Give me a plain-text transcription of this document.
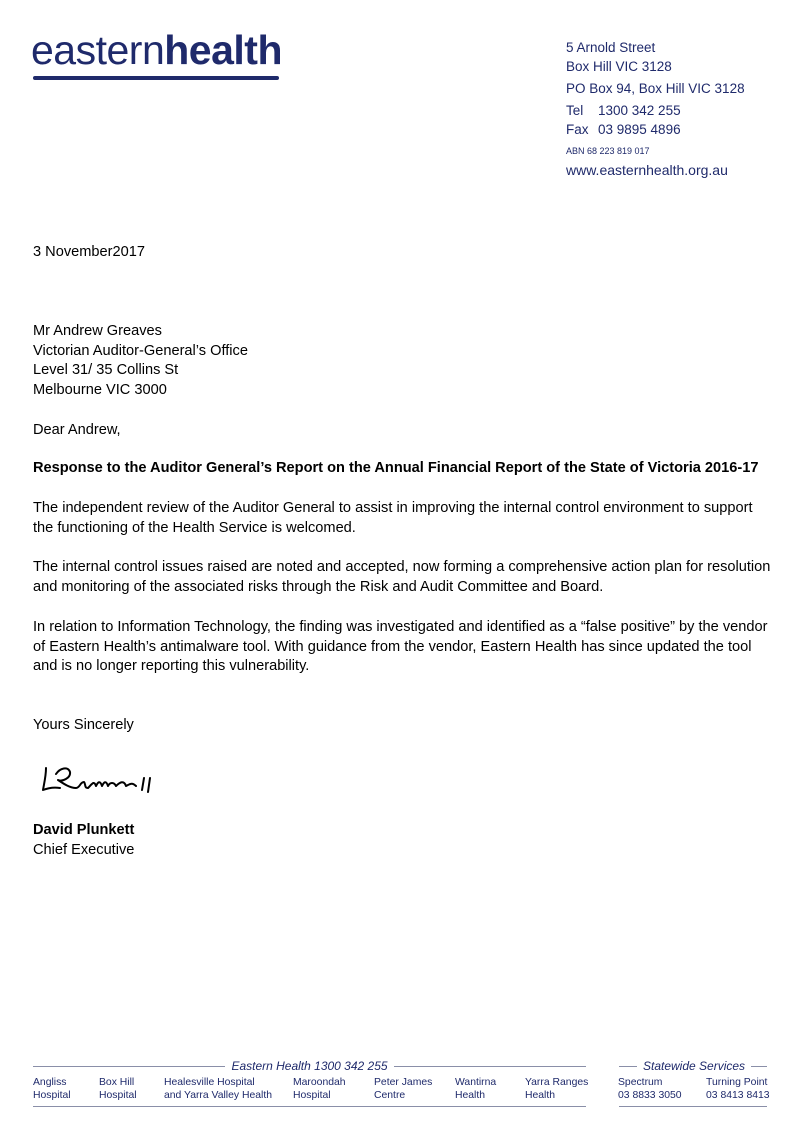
easternhealth	5 Arnold Street
Box Hill VIC 3128
PO Box 94, Box Hill VIC 3128
Tel 1300 342 255
Fax 03 9895 4896
ABN 68 223 819 017
www.easternhealth.org.au
3 November2017

Mr Andrew Greaves

Victorian Auditor-General’s Office

Level 31/ 35 Collins St

Melbourne VIC 3000

Dear Andrew,
Response to the Auditor General’s Report on the Annual Financial Report of the State of Victoria 2016-17
The independent review of the Auditor General to assist in improving the internal control environment to support the functioning of the Health Service is welcomed.
The internal control issues raised are noted and accepted, now forming a comprehensive action plan for resolution and monitoring of the associated risks through the Risk and Audit Committee and Board.
In relation to Information Technology, the finding was investigated and identified as a “false positive” by the vendor of Eastern Health’s antimalware tool. With guidance from the vendor, Eastern Health has since updated the tool and is no longer reporting this vulnerability.
Yours Sincerely
David Plunkett
Chief Executive
Eastern Health 1300 342 255	Statewide Services
Angliss
Hospital
Box Hill
Hospital
Healesville Hospital
and Yarra Valley Health
Maroondah
Hospital
Peter James
Centre
Wantirna
Health
Yarra Ranges
Health
Spectrum
03 8833 3050
Turning Point
03 8413 8413
